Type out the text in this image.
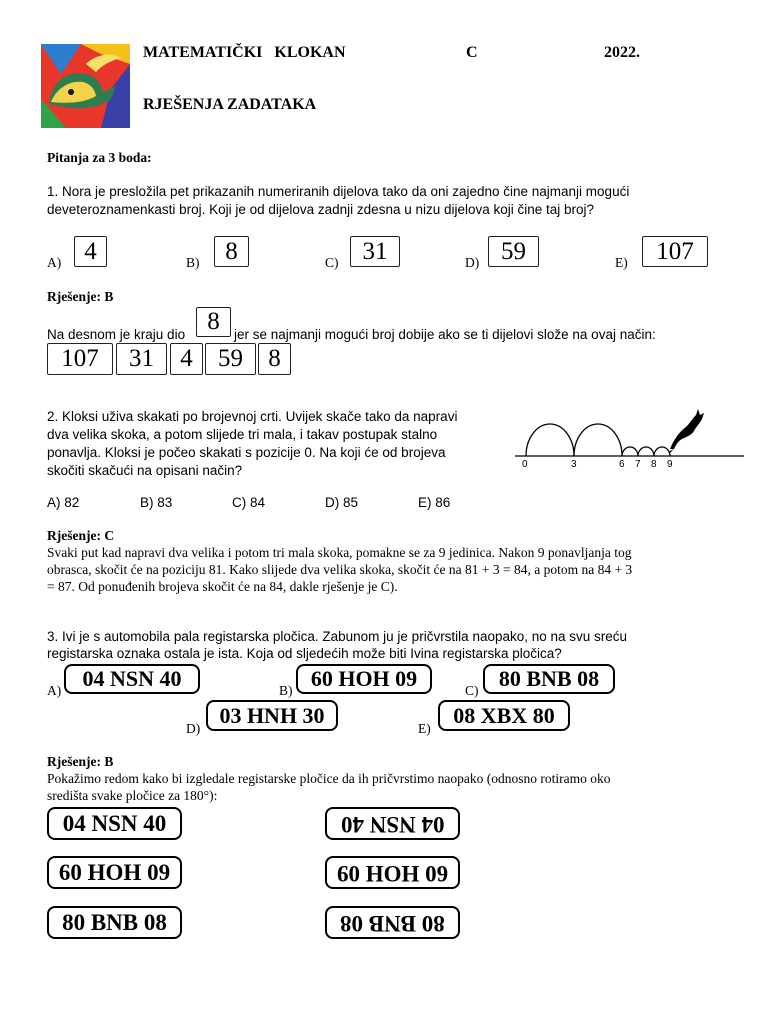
MATEMATIČKI   KLOKAN	C	2022.
RJEŠENJA ZADATAKA
Pitanja za 3 boda:
1. Nora je presložila pet prikazanih numeriranih dijelova tako da oni zajedno čine najmanji mogući
deveteroznamenkasti broj. Koji je od dijelova zadnji zdesna u nizu dijelova koji čine taj broj?
A) 4	B)	8	C) 31	D) 59	E)	107
Rješenje: B
Na desnom je kraju dio 8	jer se najmanji mogući broj dobije ako se ti dijelovi slože na ovaj način:
107	31	4	59	8
2. Kloksi uživa skakati po brojevnoj crti. Uvijek skače tako da napravi
dva velika skoka, a potom slijede tri mala, i takav postupak stalno
ponavlja. Kloksi je počeo skakati s pozicije 0. Na koji će od brojeva
skočiti skačući na opisani način?	0	3	6 7 8 9
A) 82	B) 83	C) 84	D) 85	E) 86
Rješenje: C
Svaki put kad napravi dva velika i potom tri mala skoka, pomakne se za 9 jedinica. Nakon 9 ponavljanja tog
obrasca, skočit će na poziciju 81. Kako slijede dva velika skoka, skočit će na 81 + 3 = 84, a potom na 84 + 3
= 87. Od ponuđenih brojeva skočit će na 84, dakle rješenje je C).
3. Ivi je s automobila pala registarska pločica. Zabunom ju je pričvrstila naopako, no na svu sreću
registarska oznaka ostala je ista. Koja od sljedećih može biti Ivina registarska pločica?
A) 04 NSN 40	B) 60 HOH 09	C) 80 BNB 08
D)
03 HNH 30
E)
08 XBX 80
Rješenje: B
Pokažimo redom kako bi izgledale registarske pločice da ih pričvrstimo naopako (odnosno rotiramo oko
središta svake pločice za 180°):
04 NSN 40	04 NSN 40
60 HOH 09	60 HOH 09
80 BNB 08	80 BNB 08
